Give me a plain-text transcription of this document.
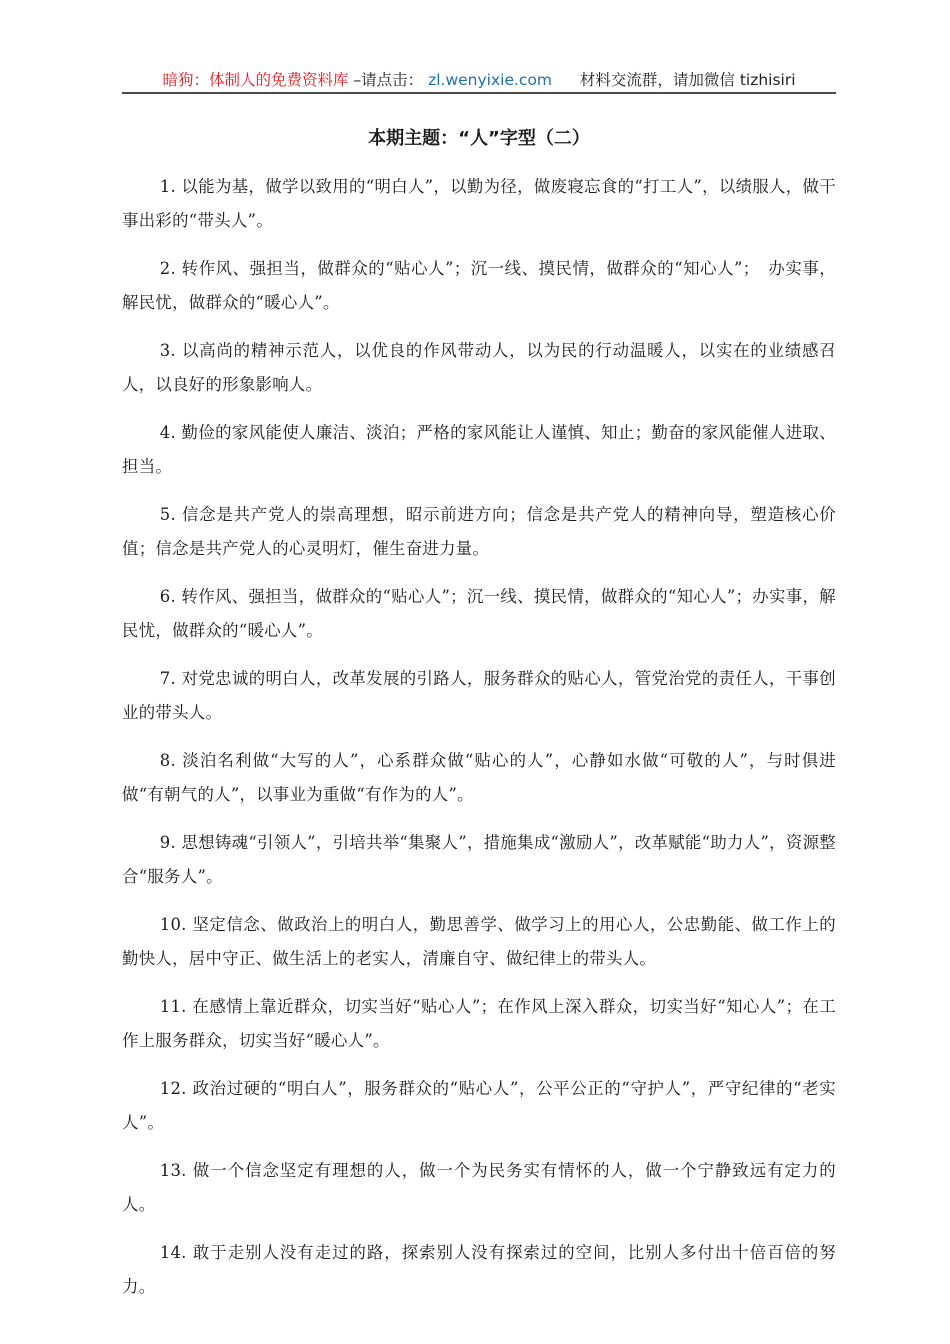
暗狗：体制人的免费资料库 –请点击： zl.wenyixie.com 材料交流群，请加微信 tizhisiri
本期主题：“人”字型（二）

1. 以能为基，做学以致用的“明白人”，以勤为径，做废寝忘食的“打工人”，以绩服人，做干事出彩的“带头人”。

2. 转作风、强担当，做群众的“贴心人”；沉一线、摸民情，做群众的“知心人”；　办实事，解民忧，做群众的“暖心人”。

3. 以高尚的精神示范人，以优良的作风带动人，以为民的行动温暖人，以实在的业绩感召人，以良好的形象影响人。

4. 勤俭的家风能使人廉洁、淡泊；严格的家风能让人谨慎、知止；勤奋的家风能催人进取、担当。

5. 信念是共产党人的崇高理想，昭示前进方向；信念是共产党人的精神向导，塑造核心价值；信念是共产党人的心灵明灯，催生奋进力量。

6. 转作风、强担当，做群众的“贴心人”；沉一线、摸民情，做群众的“知心人”；办实事，解民忧，做群众的“暖心人”。

7. 对党忠诚的明白人，改革发展的引路人，服务群众的贴心人，管党治党的责任人，干事创业的带头人。

8. 淡泊名利做“大写的人”，心系群众做“贴心的人”，心静如水做“可敬的人”，与时俱进做“有朝气的人”，以事业为重做“有作为的人”。

9. 思想铸魂“引领人”，引培共举“集聚人”，措施集成“激励人”，改革赋能“助力人”，资源整合“服务人”。

10. 坚定信念、做政治上的明白人，勤思善学、做学习上的用心人，公忠勤能、做工作上的勤快人，居中守正、做生活上的老实人，清廉自守、做纪律上的带头人。

11. 在感情上靠近群众，切实当好“贴心人”；在作风上深入群众，切实当好“知心人”；在工作上服务群众，切实当好“暖心人”。

12. 政治过硬的“明白人”，服务群众的“贴心人”，公平公正的“守护人”，严守纪律的“老实人”。

13. 做一个信念坚定有理想的人，做一个为民务实有情怀的人，做一个宁静致远有定力的人。

14. 敢于走别人没有走过的路，探索别人没有探索过的空间，比别人多付出十倍百倍的努力。
